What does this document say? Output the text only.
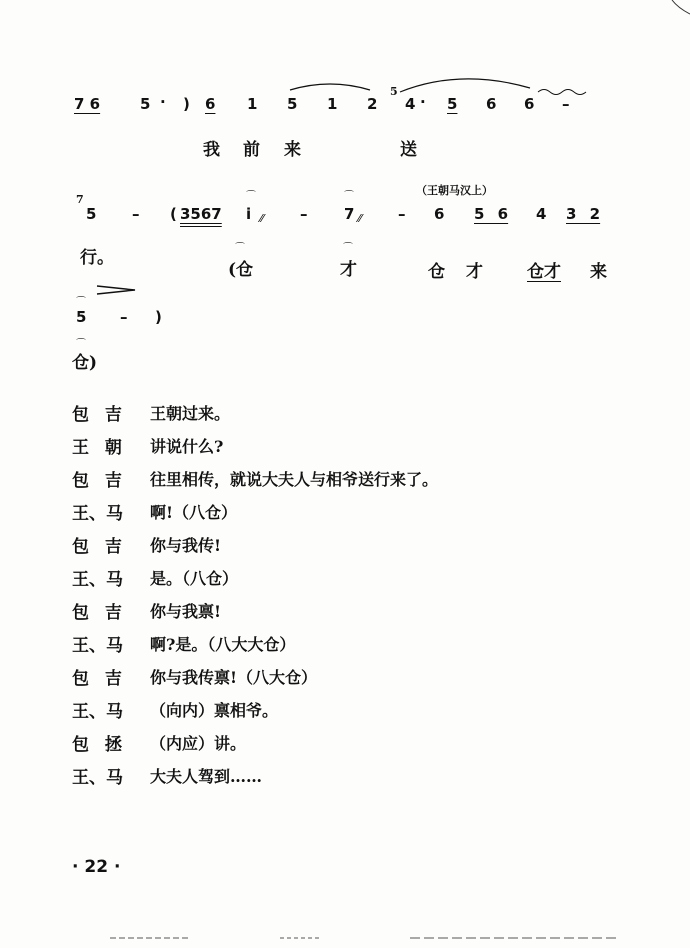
7 6	5 · ) 6 1 5 1 2
5
4 · 5 6 6 –
我 前 来	送
（王朝马汉上）
7
5 – ( 3567 i ⁄⁄ – 7 ⁄⁄ – 6 5 6 4 3 2
⌒	⌒
行。
(仓	才	仓 才	仓才 来
⌒	⌒
⌒
5 – )
⌒
仓)
包 吉 王朝过来。
王 朝 讲说什么?
包 吉 往里相传，就说大夫人与相爷送行来了。
王、马 啊!（八仓）
包 吉 你与我传!
王、马 是。（八仓）
包 吉 你与我禀!
王、马 啊?是。（八大大仓）
包 吉 你与我传禀!（八大仓）
王、马 （向内）禀相爷。
包 拯 （内应）讲。
王、马 大夫人驾到……
· 22 ·
